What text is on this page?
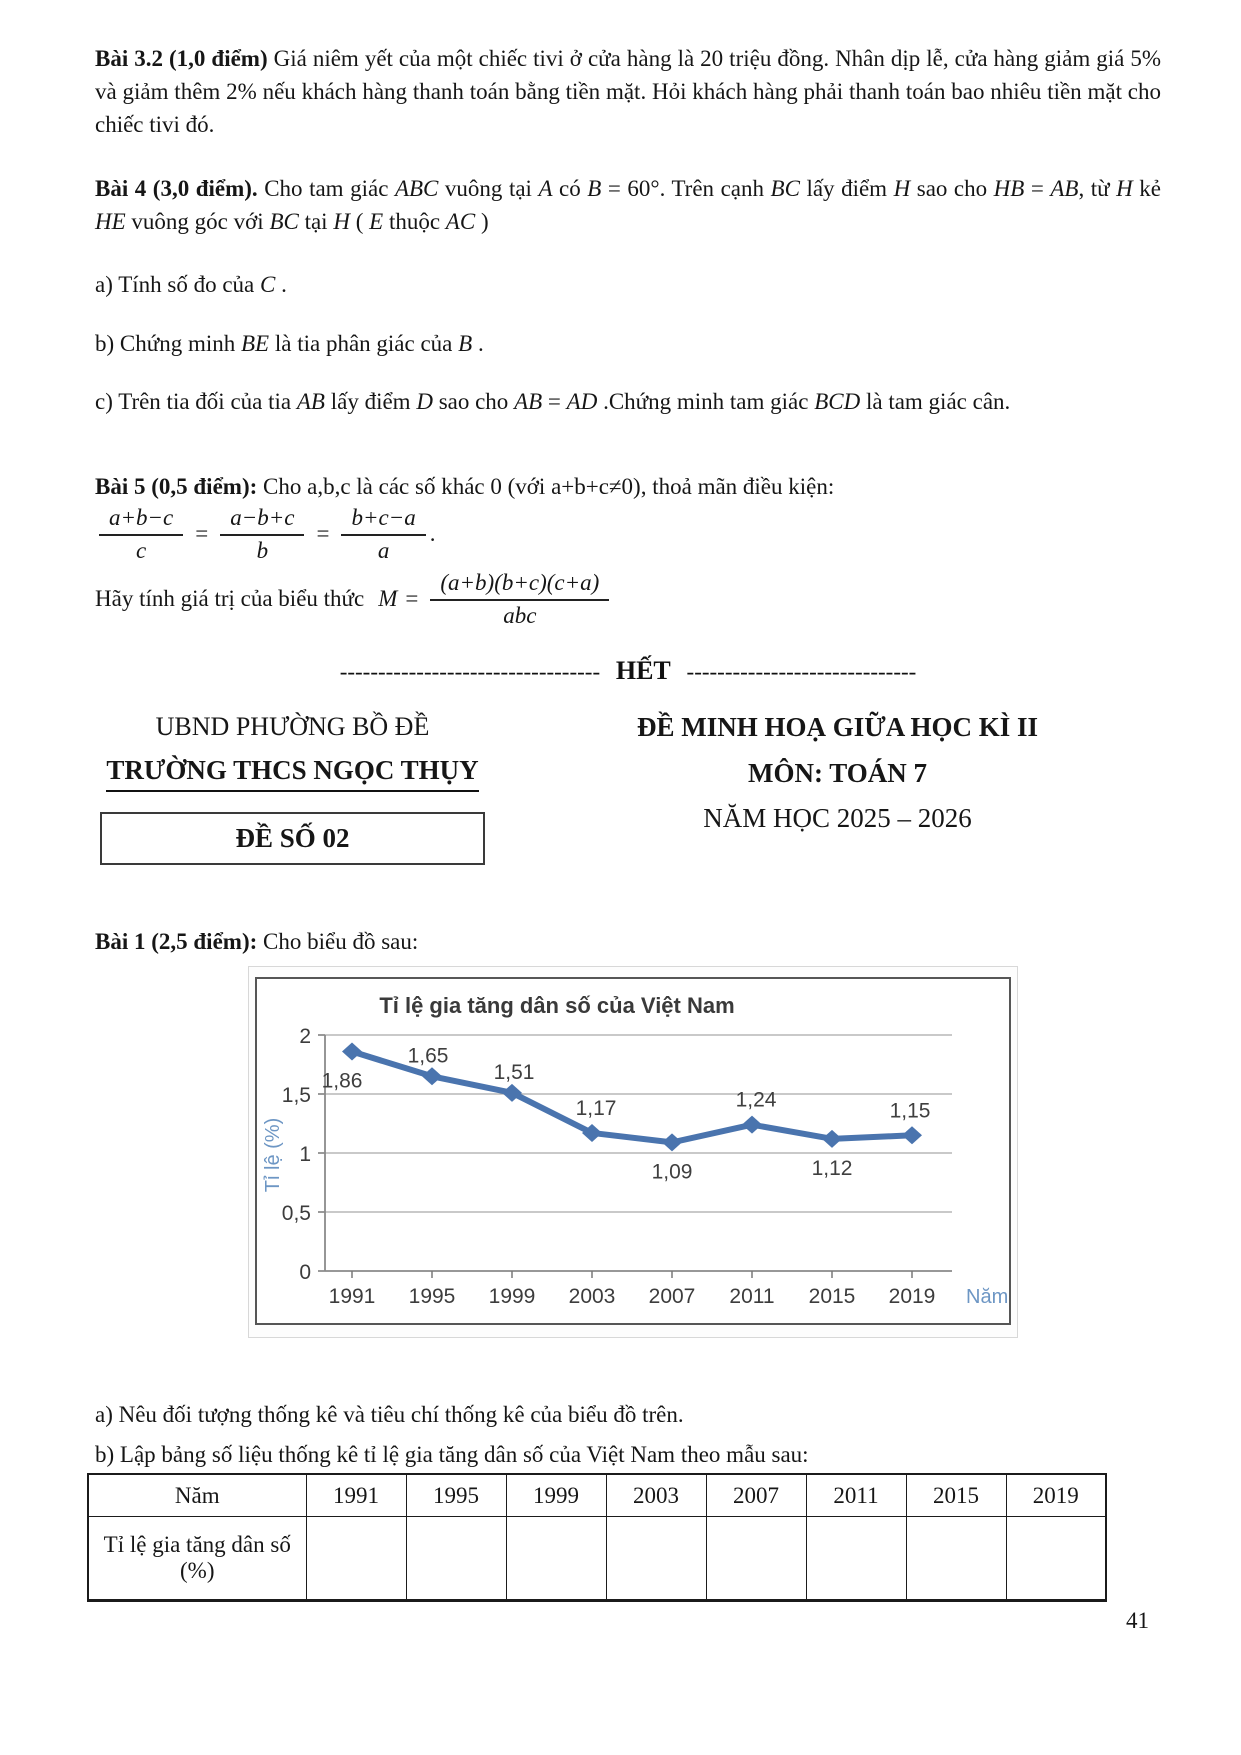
Bài 3.2 (1,0 điểm) Giá niêm yết của một chiếc tivi ở cửa hàng là 20 triệu đồng. Nhân dịp lễ, cửa hàng giảm giá 5% và giảm thêm 2% nếu khách hàng thanh toán bằng tiền mặt. Hỏi khách hàng phải thanh toán bao nhiêu tiền mặt cho chiếc tivi đó.
Bài 4 (3,0 điểm). Cho tam giác ABC vuông tại A có B = 60°. Trên cạnh BC lấy điểm H sao cho HB = AB, từ H kẻ HE vuông góc với BC tại H ( E thuộc AC )
a) Tính số đo của C .
b) Chứng minh BE là tia phân giác của B .
c) Trên tia đối của tia AB lấy điểm D sao cho AB = AD .Chứng minh tam giác BCD là tam giác cân.
Bài 5 (0,5 điểm): Cho a,b,c là các số khác 0 (với a+b+c≠0), thoả mãn điều kiện:
$\frac{a+b-c}{c} = \frac{a-b+c}{b} = \frac{b+c-a}{a}$ .
Hãy tính giá trị của biểu thức $M = \frac{(a+b)(b+c)(c+a)}{\text{abc}}$
---------------------------------- HẾT ------------------------------
UBND PHƯỜNG BỒ ĐỀ
TRƯỜNG THCS NGỌC THỤY
ĐỀ SỐ 02
ĐỀ MINH HOẠ GIỮA HỌC KÌ II
MÔN: TOÁN 7
NĂM HỌC 2025 – 2026
Bài 1 (2,5 điểm): Cho biểu đồ sau:
0
0,5
1
1,5
2
1991 1995 1999 2003 2007 2011 2015 2019 Năm
Tỉ lệ (%)
Tỉ lệ gia tăng dân số của Việt Nam
1,86
1,65
1,51
1,17
1,09
1,24
1,12
1,15
a) Nêu đối tượng thống kê và tiêu chí thống kê của biểu đồ trên.
b) Lập bảng số liệu thống kê tỉ lệ gia tăng dân số của Việt Nam theo mẫu sau:
Năm	1991	1995	1999	2003	2007	2011	2015	2019
Tỉ lệ gia tăng dân số (%)								
41
